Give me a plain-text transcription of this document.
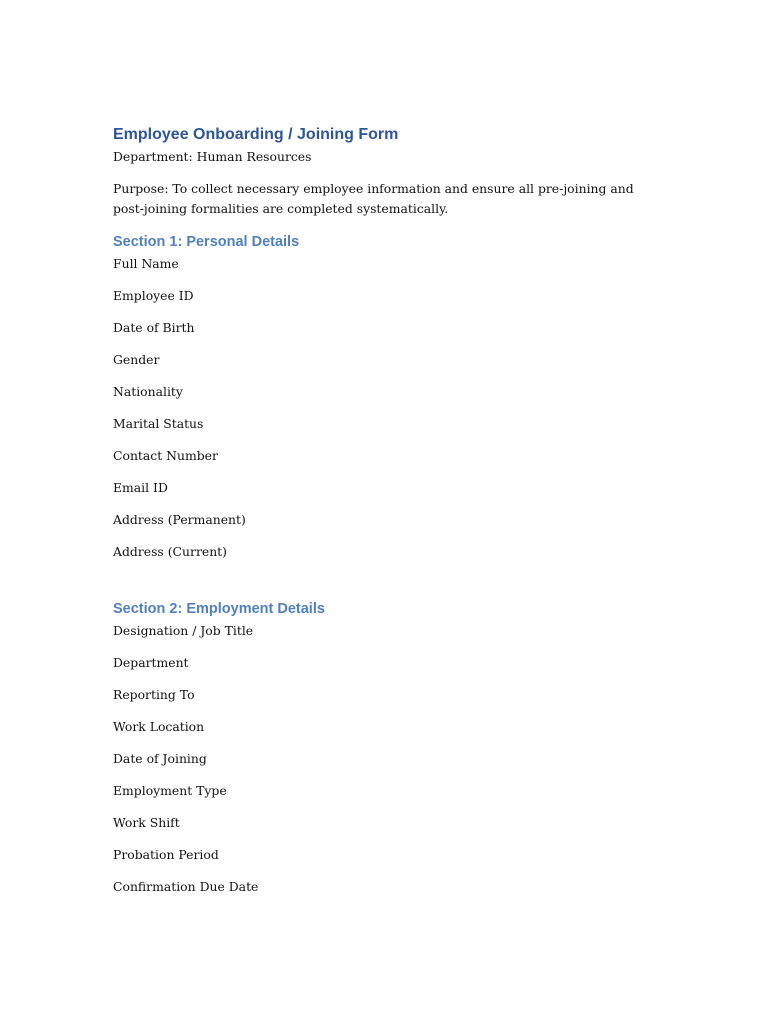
Employee Onboarding / Joining Form

Department: Human Resources

Purpose: To collect necessary employee information and ensure all pre-joining and post-joining formalities are completed systematically.

Section 1: Personal Details
Full Name
Employee ID
Date of Birth
Gender
Nationality
Marital Status
Contact Number
Email ID
Address (Permanent)
Address (Current)
Section 2: Employment Details
Designation / Job Title
Department
Reporting To
Work Location
Date of Joining
Employment Type
Work Shift
Probation Period
Confirmation Due Date
